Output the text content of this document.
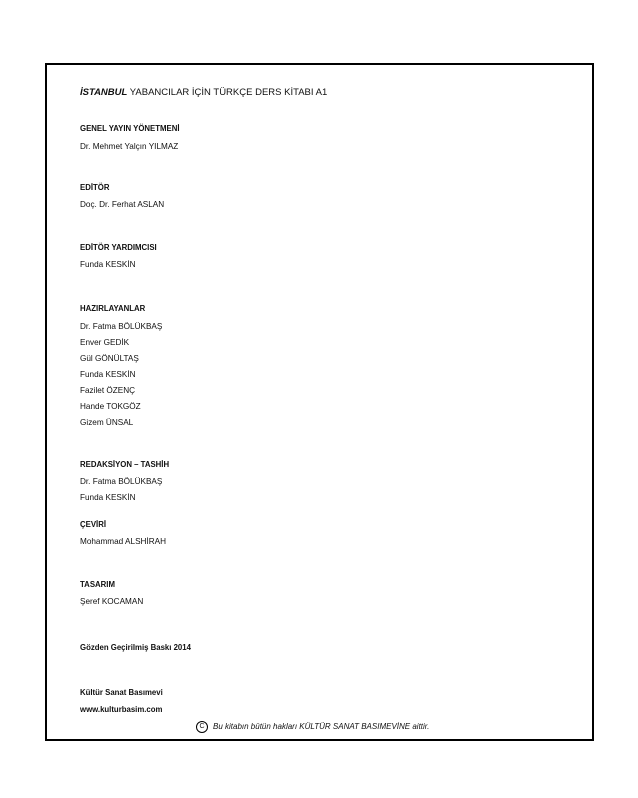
İSTANBUL YABANCILAR İÇİN TÜRKÇE DERS KİTABI A1
GENEL YAYIN YÖNETMENİ
Dr. Mehmet Yalçın YILMAZ
EDİTÖR
Doç. Dr. Ferhat ASLAN
EDİTÖR YARDIMCISI
Funda KESKİN
HAZIRLAYANLAR
Dr. Fatma BÖLÜKBAŞ
Enver GEDİK
Gül GÖNÜLTAŞ
Funda KESKİN
Fazilet ÖZENÇ
Hande TOKGÖZ
Gizem ÜNSAL
REDAKSİYON – TASHİH
Dr. Fatma BÖLÜKBAŞ
Funda KESKİN
ÇEVİRİ
Mohammad ALSHİRAH
TASARIM
Şeref KOCAMAN
Gözden Geçirilmiş Baskı 2014
Kültür Sanat Basımevi
www.kulturbasim.com
C	Bu kitabın bütün hakları KÜLTÜR SANAT BASIMEVİNE aittir.
